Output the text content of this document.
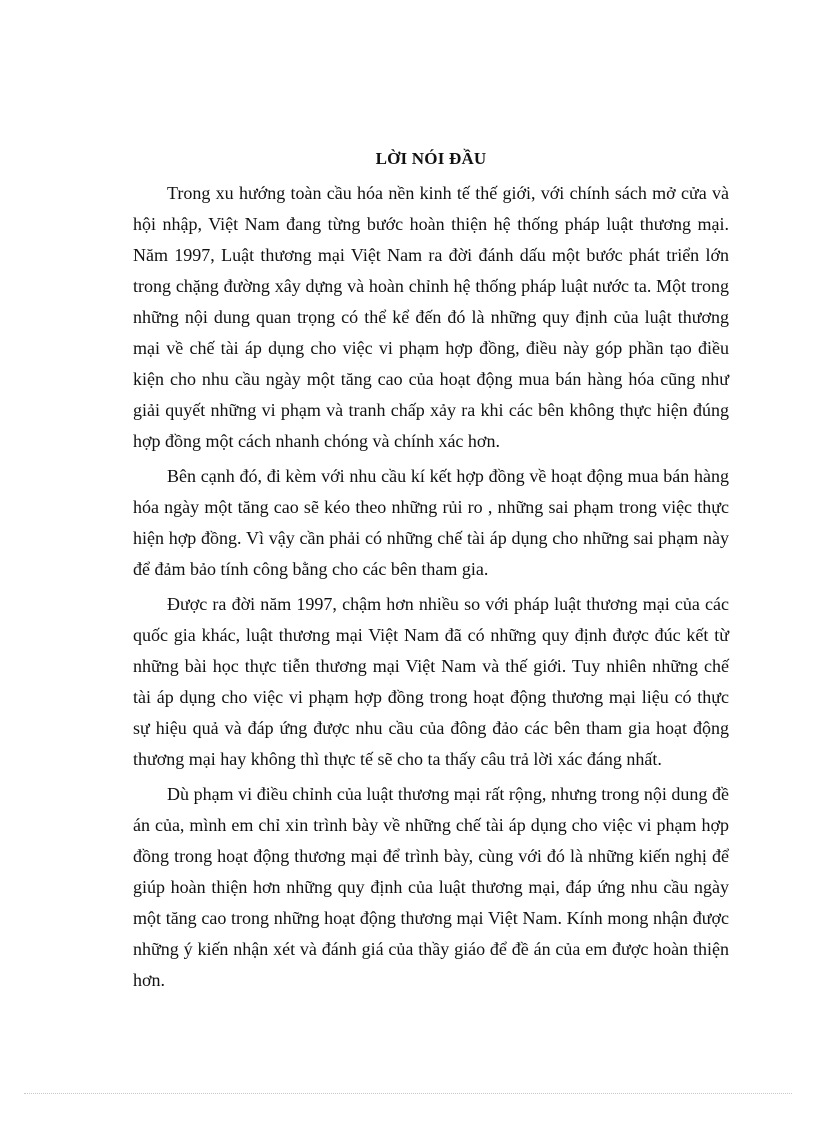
LỜI NÓI ĐẦU

Trong xu hướng toàn cầu hóa nền kinh tế thế giới, với chính sách mở cửa và hội nhập, Việt Nam đang từng bước hoàn thiện hệ thống pháp luật thương mại. Năm 1997, Luật thương mại Việt Nam ra đời đánh dấu một bước phát triển lớn trong chặng đường xây dựng và hoàn chỉnh hệ thống pháp luật nước ta. Một trong những nội dung quan trọng có thể kể đến đó là những quy định của luật thương mại về chế tài áp dụng cho việc vi phạm hợp đồng, điều này góp phần tạo điều kiện cho nhu cầu ngày một tăng cao của hoạt động mua bán hàng hóa cũng như giải quyết những vi phạm và tranh chấp xảy ra khi các bên không thực hiện đúng hợp đồng một cách nhanh chóng và chính xác hơn.

Bên cạnh đó, đi kèm với nhu cầu kí kết hợp đồng về hoạt động mua bán hàng hóa ngày một tăng cao sẽ kéo theo những rủi ro , những sai phạm trong việc thực hiện hợp đồng. Vì vậy cần phải có những chế tài áp dụng cho những sai phạm này để đảm bảo tính công bằng cho các bên tham gia.

Được ra đời năm 1997, chậm hơn nhiều so với pháp luật thương mại của các quốc gia khác, luật thương mại Việt Nam đã có những quy định được đúc kết từ những bài học thực tiễn thương mại Việt Nam và thế giới. Tuy nhiên những chế tài áp dụng cho việc vi phạm hợp đồng trong hoạt động thương mại liệu có thực sự hiệu quả và đáp ứng được nhu cầu của đông đảo các bên tham gia hoạt động thương mại hay không thì thực tế sẽ cho ta thấy câu trả lời xác đáng nhất.

Dù phạm vi điều chỉnh của luật thương mại rất rộng, nhưng trong nội dung đề án của, mình em chỉ xin trình bày về những chế tài áp dụng cho việc vi phạm hợp đồng trong hoạt động thương mại để trình bày, cùng với đó là những kiến nghị để giúp hoàn thiện hơn những quy định của luật thương mại, đáp ứng nhu cầu ngày một tăng cao trong những hoạt động thương mại Việt Nam. Kính mong nhận được những ý kiến nhận xét và đánh giá của thầy giáo để đề án của em được hoàn thiện hơn.
